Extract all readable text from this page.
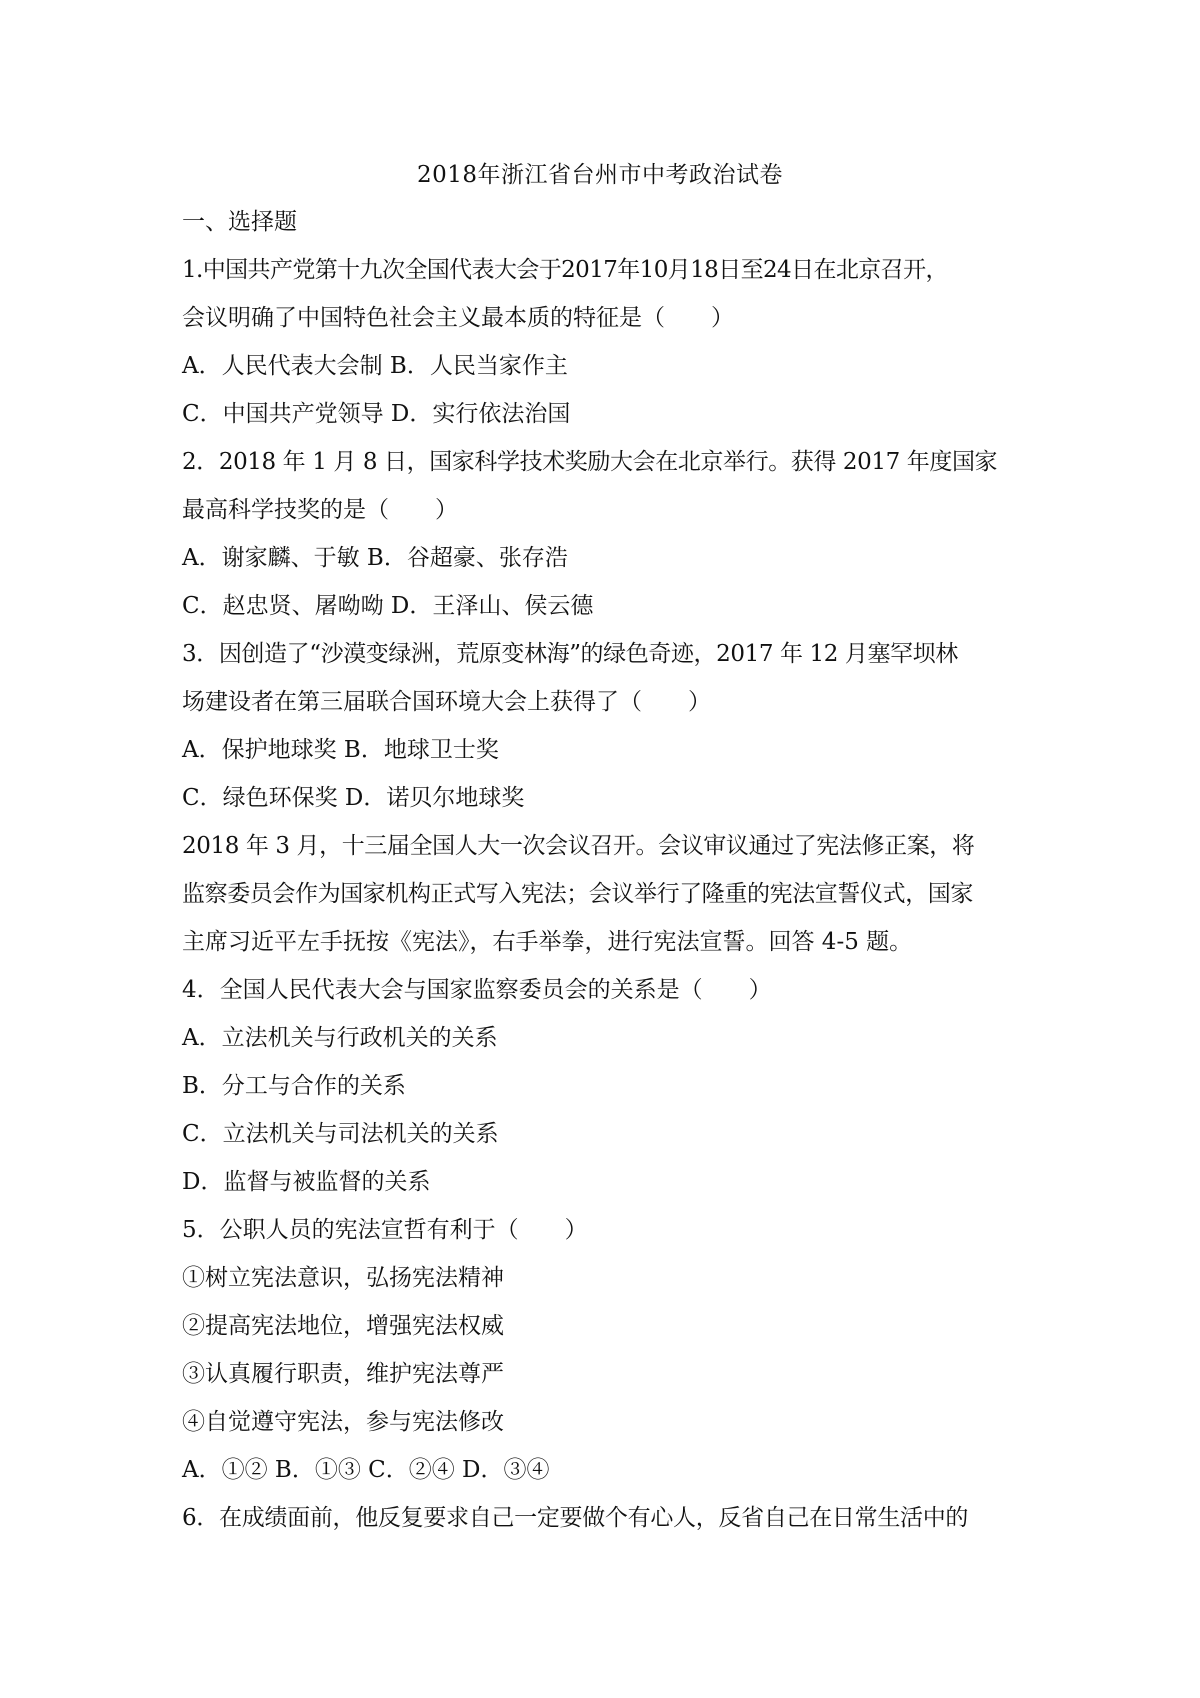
2018年浙江省台州市中考政治试卷
一、选择题
1.中国共产党第十九次全国代表大会于2017年10月18日至24日在北京召开，
会议明确了中国特色社会主义最本质的特征是（　　）
A．人民代表大会制 B．人民当家作主
C．中国共产党领导 D．实行依法治国
2．2018 年 1 月 8 日，国家科学技术奖励大会在北京举行。获得 2017 年度国家
最高科学技奖的是（　　）
A．谢家麟、于敏 B．谷超豪、张存浩
C．赵忠贤、屠呦呦 D．王泽山、侯云德
3．因创造了“沙漠变绿洲，荒原变林海”的绿色奇迹，2017 年 12 月塞罕坝林
场建设者在第三届联合国环境大会上获得了（　　）
A．保护地球奖 B．地球卫士奖
C．绿色环保奖 D．诺贝尔地球奖
2018 年 3 月，十三届全国人大一次会议召开。会议审议通过了宪法修正案，将
监察委员会作为国家机构正式写入宪法；会议举行了隆重的宪法宣誓仪式，国家
主席习近平左手抚按《宪法》，右手举拳，进行宪法宣誓。回答 4-5 题。
4．全国人民代表大会与国家监察委员会的关系是（　　）
A．立法机关与行政机关的关系
B．分工与合作的关系
C．立法机关与司法机关的关系
D．监督与被监督的关系
5．公职人员的宪法宣哲有利于（　　）
①树立宪法意识，弘扬宪法精神
②提高宪法地位，增强宪法权威
③认真履行职责，维护宪法尊严
④自觉遵守宪法，参与宪法修改
A．①② B．①③ C．②④ D．③④
6．在成绩面前，他反复要求自己一定要做个有心人，反省自己在日常生活中的
